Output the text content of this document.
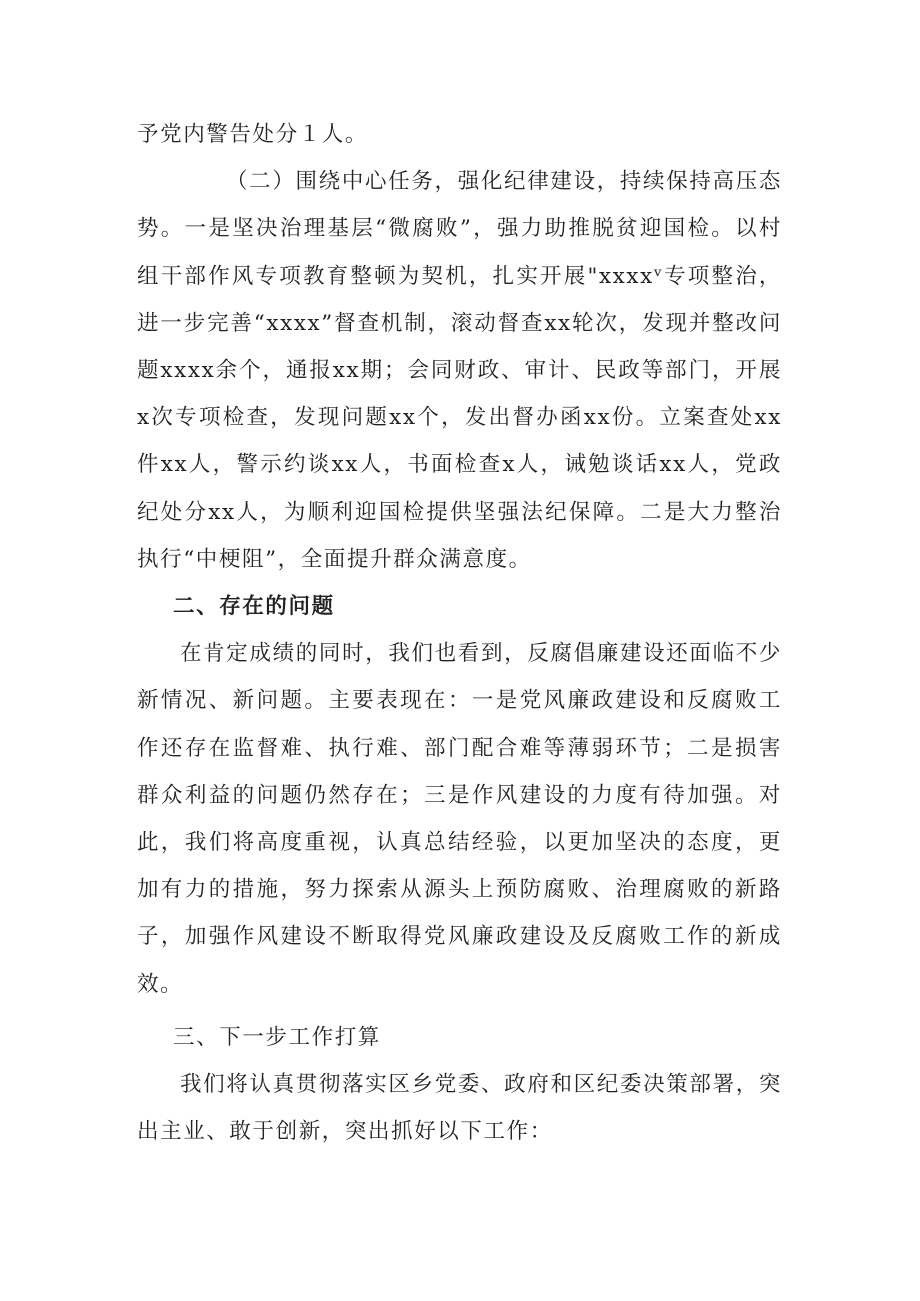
予党内警告处分１人。

（二）围绕中心任务，强化纪律建设，持续保持高压态势。一是坚决治理基层“微腐败”，强力助推脱贫迎国检。以村组干部作风专项教育整顿为契机，扎实开展"xxxxᵛ专项整治，进一步完善“xxxx”督查机制，滚动督查xx轮次，发现并整改问题xxxx余个，通报xx期；会同财政、审计、民政等部门，开展x次专项检查，发现问题xx个，发出督办函xx份。立案查处xx件xx人，警示约谈xx人，书面检查x人，诫勉谈话xx人，党政纪处分xx人，为顺利迎国检提供坚强法纪保障。二是大力整治执行“中梗阻”，全面提升群众满意度。

二、存在的问题

在肯定成绩的同时，我们也看到，反腐倡廉建设还面临不少新情况、新问题。主要表现在：一是党风廉政建设和反腐败工作还存在监督难、执行难、部门配合难等薄弱环节；二是损害群众利益的问题仍然存在；三是作风建设的力度有待加强。对此，我们将高度重视，认真总结经验，以更加坚决的态度，更加有力的措施，努力探索从源头上预防腐败、治理腐败的新路子，加强作风建设不断取得党风廉政建设及反腐败工作的新成效。

三、下一步工作打算

我们将认真贯彻落实区乡党委、政府和区纪委决策部署，突出主业、敢于创新，突出抓好以下工作：
